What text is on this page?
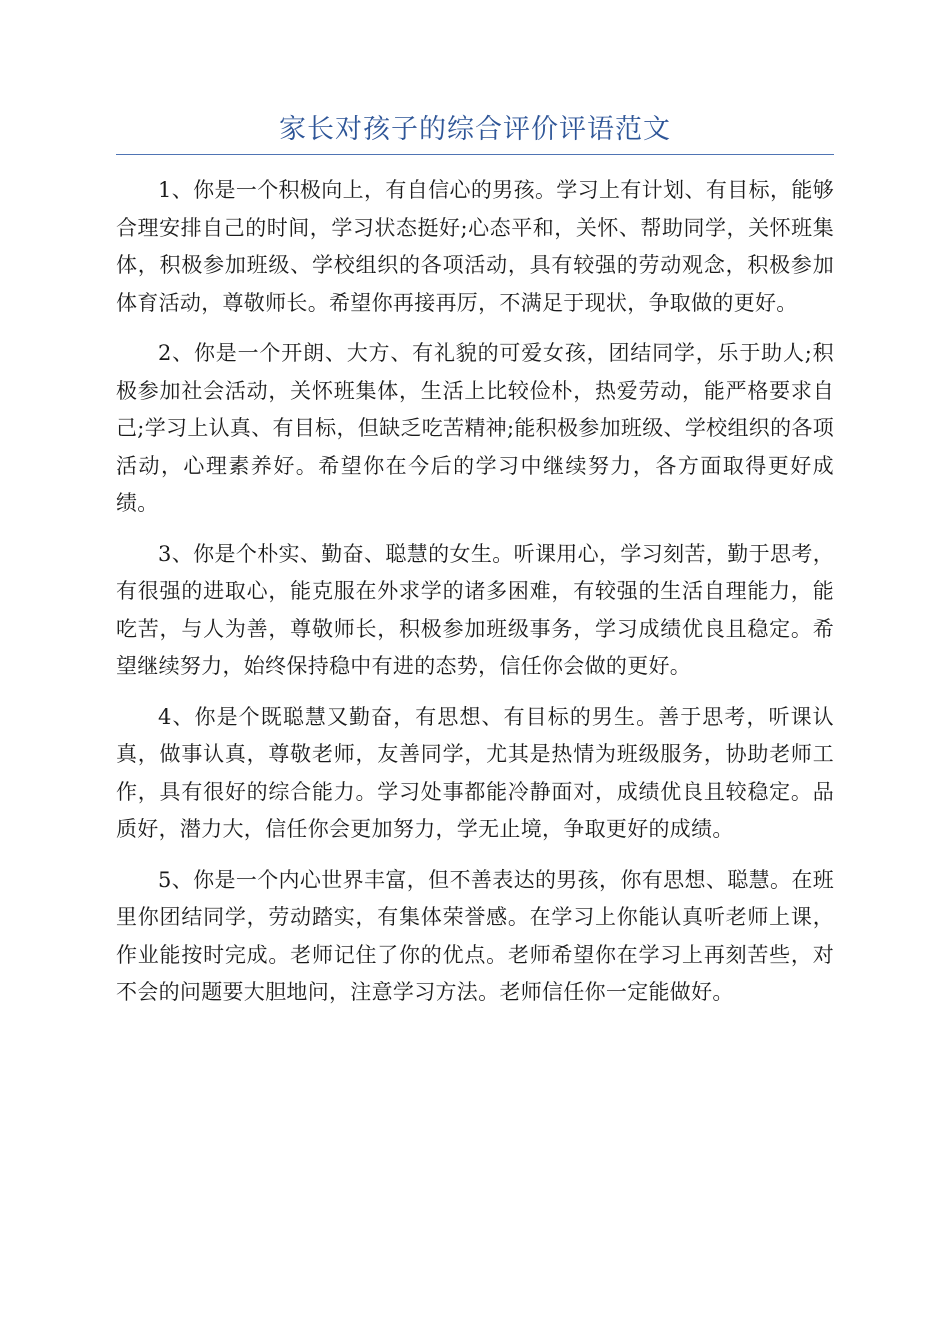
家长对孩子的综合评价评语范文

1、你是一个积极向上，有自信心的男孩。学习上有计划、有目标，能够合理安排自己的时间，学习状态挺好;心态平和，关怀、帮助同学，关怀班集体，积极参加班级、学校组织的各项活动，具有较强的劳动观念，积极参加体育活动，尊敬师长。希望你再接再厉，不满足于现状，争取做的更好。

2、你是一个开朗、大方、有礼貌的可爱女孩，团结同学，乐于助人;积极参加社会活动，关怀班集体，生活上比较俭朴，热爱劳动，能严格要求自己;学习上认真、有目标，但缺乏吃苦精神;能积极参加班级、学校组织的各项活动，心理素养好。希望你在今后的学习中继续努力，各方面取得更好成绩。

3、你是个朴实、勤奋、聪慧的女生。听课用心，学习刻苦，勤于思考，有很强的进取心，能克服在外求学的诸多困难，有较强的生活自理能力，能吃苦，与人为善，尊敬师长，积极参加班级事务，学习成绩优良且稳定。希望继续努力，始终保持稳中有进的态势，信任你会做的更好。

4、你是个既聪慧又勤奋，有思想、有目标的男生。善于思考，听课认真，做事认真，尊敬老师，友善同学，尤其是热情为班级服务，协助老师工作，具有很好的综合能力。学习处事都能冷静面对，成绩优良且较稳定。品质好，潜力大，信任你会更加努力，学无止境，争取更好的成绩。

5、你是一个内心世界丰富，但不善表达的男孩，你有思想、聪慧。在班里你团结同学，劳动踏实，有集体荣誉感。在学习上你能认真听老师上课，作业能按时完成。老师记住了你的优点。老师希望你在学习上再刻苦些，对不会的问题要大胆地问，注意学习方法。老师信任你一定能做好。
